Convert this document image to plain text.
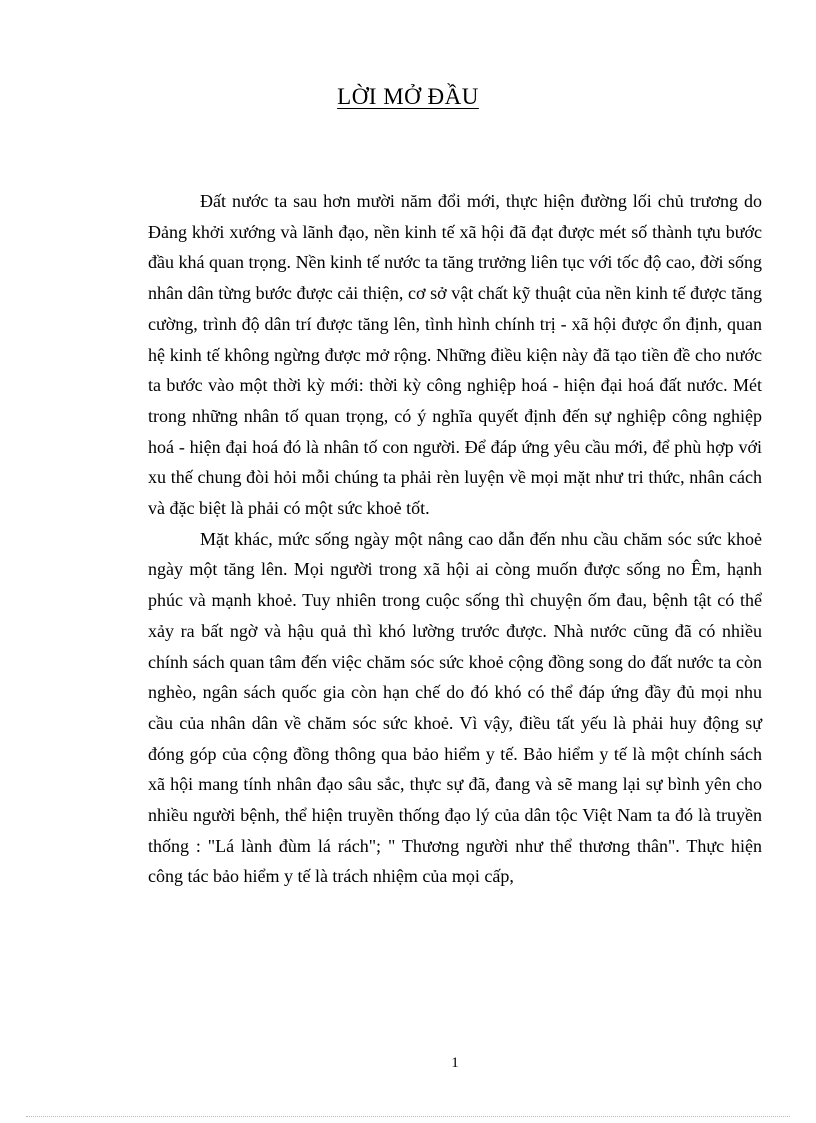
LỜI MỞ ĐẦU

Đất nước ta sau hơn mười năm đổi mới, thực hiện đường lối chủ trương do Đảng khởi xướng và lãnh đạo, nền kinh tế xã hội đã đạt được mét số thành tựu bước đầu khá quan trọng. Nền kinh tế nước ta tăng trưởng liên tục với tốc độ cao, đời sống nhân dân từng bước được cải thiện, cơ sở vật chất kỹ thuật của nền kinh tế được tăng cường, trình độ dân trí được tăng lên, tình hình chính trị - xã hội được ổn định, quan hệ kinh tế không ngừng được mở rộng. Những điều kiện này đã tạo tiền đề cho nước ta bước vào một thời kỳ mới: thời kỳ công nghiệp hoá - hiện đại hoá đất nước. Mét trong những nhân tố quan trọng, có ý nghĩa quyết định đến sự nghiệp công nghiệp hoá - hiện đại hoá đó là nhân tố con người. Để đáp ứng yêu cầu mới, để phù hợp với xu thế chung đòi hỏi mỗi chúng ta phải rèn luyện về mọi mặt như tri thức, nhân cách và đặc biệt là phải có một sức khoẻ tốt.

Mặt khác, mức sống ngày một nâng cao dẫn đến nhu cầu chăm sóc sức khoẻ ngày một tăng lên. Mọi người trong xã hội ai còng muốn được sống no Êm, hạnh phúc và mạnh khoẻ. Tuy nhiên trong cuộc sống thì chuyện ốm đau, bệnh tật có thể xảy ra bất ngờ và hậu quả thì khó lường trước được. Nhà nước cũng đã có nhiều chính sách quan tâm đến việc chăm sóc sức khoẻ cộng đồng song do đất nước ta còn nghèo, ngân sách quốc gia còn hạn chế do đó khó có thể đáp ứng đầy đủ mọi nhu cầu của nhân dân về chăm sóc sức khoẻ. Vì vậy, điều tất yếu là phải huy động sự đóng góp của cộng đồng thông qua bảo hiểm y tế. Bảo hiểm y tế là một chính sách xã hội mang tính nhân đạo sâu sắc, thực sự đã, đang và sẽ mang lại sự bình yên cho nhiều người bệnh, thể hiện truyền thống đạo lý của dân tộc Việt Nam ta đó là truyền thống : "Lá lành đùm lá rách"; " Thương người như thể thương thân". Thực hiện công tác bảo hiểm y tế là trách nhiệm của mọi cấp,

1
